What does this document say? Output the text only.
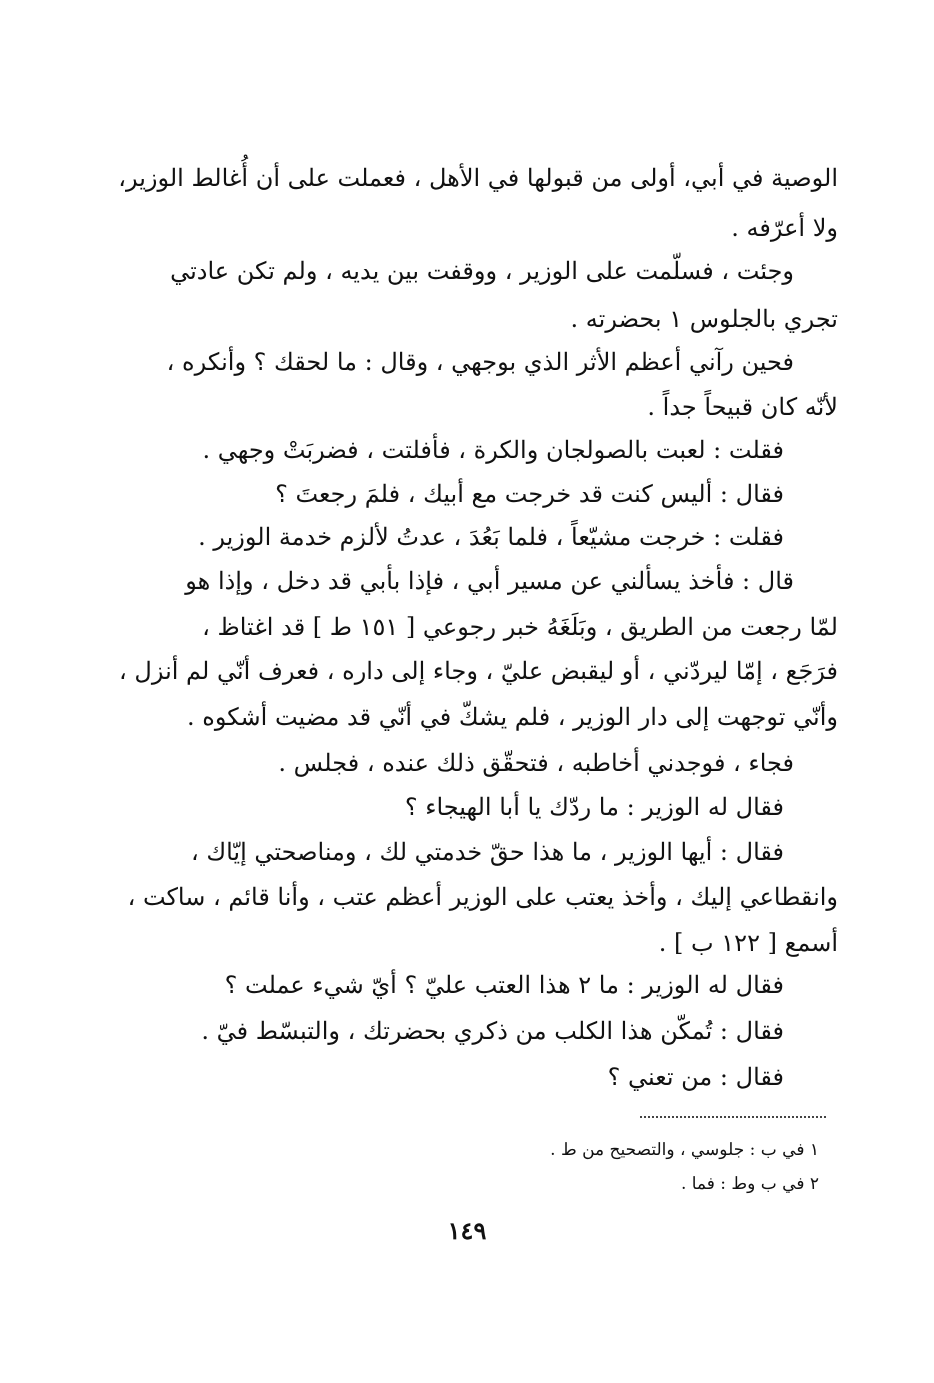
الوصية في أبي، أولى من قبولها في الأهل ، فعملت على أن أُغالط الوزير،
ولا أعرّفه .
وجئت ، فسلّمت على الوزير ، ووقفت بين يديه ، ولم تكن عادتي
تجري بالجلوس ١ بحضرته .
فحين رآني أعظم الأثر الذي بوجهي ، وقال : ما لحقك ؟ وأنكره ،
لأنّه كان قبيحاً جداً .
فقلت : لعبت بالصولجان والكرة ، فأفلتت ، فضربَتْ وجهي .
فقال : أليس كنت قد خرجت مع أبيك ، فلمَ رجعتَ ؟
فقلت : خرجت مشيّعاً ، فلما بَعُدَ ، عدتُ لألزم خدمة الوزير .
قال : فأخذ يسألني عن مسير أبي ، فإذا بأبي قد دخل ، وإذا هو
لمّا رجعت من الطريق ، وبَلَغَهُ خبر رجوعي [ ١٥١ ط ] قد اغتاظ ،
فرَجَع ، إمّا ليردّني ، أو ليقبض عليّ ، وجاء إلى داره ، فعرف أنّي لم أنزل ،
وأنّي توجهت إلى دار الوزير ، فلم يشكّ في أنّي قد مضيت أشكوه .
فجاء ، فوجدني أخاطبه ، فتحقّق ذلك عنده ، فجلس .
فقال له الوزير : ما ردّك يا أبا الهيجاء ؟
فقال : أيها الوزير ، ما هذا حقّ خدمتي لك ، ومناصحتي إيّاك ،
وانقطاعي إليك ، وأخذ يعتب على الوزير أعظم عتب ، وأنا قائم ، ساكت ،
أسمع [ ١٢٢ ب ] .
فقال له الوزير : ما ٢ هذا العتب عليّ ؟ أيّ شيء عملت ؟
فقال : تُمكّن هذا الكلب من ذكري بحضرتك ، والتبسّط فيّ .
فقال : من تعني ؟
١ في ب : جلوسي ، والتصحيح من ط .
٢ في ب وط : فما .
١٤٩
